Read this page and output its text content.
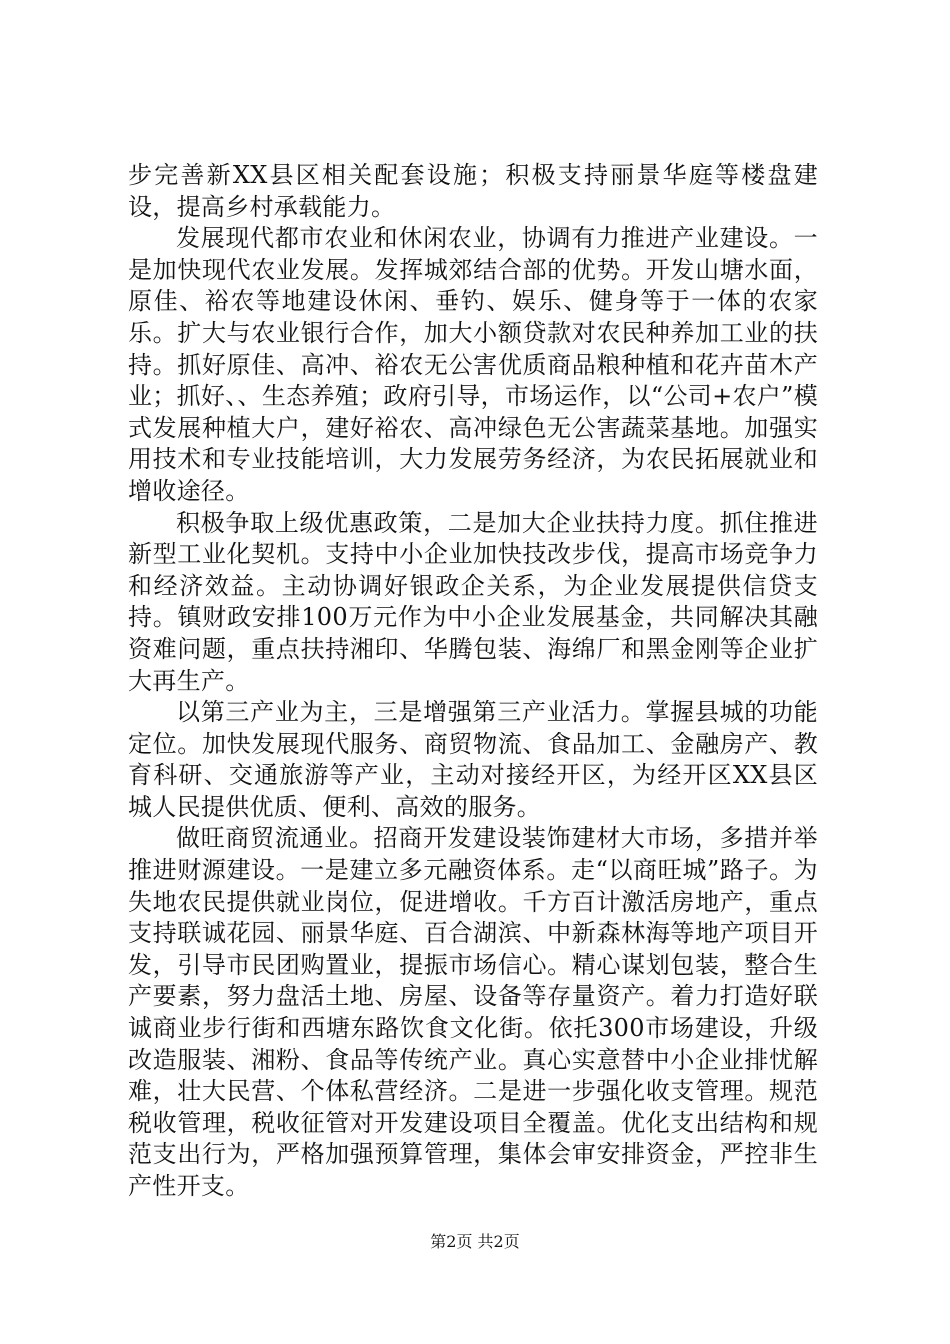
步完善新XX县区相关配套设施；积极支持丽景华庭等楼盘建设，提高乡村承载能力。

发展现代都市农业和休闲农业，协调有力推进产业建设。一是加快现代农业发展。发挥城郊结合部的优势。开发山塘水面，原佳、裕农等地建设休闲、垂钓、娱乐、健身等于一体的农家乐。扩大与农业银行合作，加大小额贷款对农民种养加工业的扶持。抓好原佳、高冲、裕农无公害优质商品粮种植和花卉苗木产业；抓好、、生态养殖；政府引导，市场运作，以“公司+农户”模式发展种植大户，建好裕农、高冲绿色无公害蔬菜基地。加强实用技术和专业技能培训，大力发展劳务经济，为农民拓展就业和增收途径。

积极争取上级优惠政策，二是加大企业扶持力度。抓住推进新型工业化契机。支持中小企业加快技改步伐，提高市场竞争力和经济效益。主动协调好银政企关系，为企业发展提供信贷支持。镇财政安排100万元作为中小企业发展基金，共同解决其融资难问题，重点扶持湘印、华腾包装、海绵厂和黑金刚等企业扩大再生产。

以第三产业为主，三是增强第三产业活力。掌握县城的功能定位。加快发展现代服务、商贸物流、食品加工、金融房产、教育科研、交通旅游等产业，主动对接经开区，为经开区XX县区城人民提供优质、便利、高效的服务。

做旺商贸流通业。招商开发建设装饰建材大市场，多措并举推进财源建设。一是建立多元融资体系。走“以商旺城”路子。为失地农民提供就业岗位，促进增收。千方百计激活房地产，重点支持联诚花园、丽景华庭、百合湖滨、中新森林海等地产项目开发，引导市民团购置业，提振市场信心。精心谋划包装，整合生产要素，努力盘活土地、房屋、设备等存量资产。着力打造好联诚商业步行街和西塘东路饮食文化街。依托300市场建设，升级改造服装、湘粉、食品等传统产业。真心实意替中小企业排忧解难，壮大民营、个体私营经济。二是进一步强化收支管理。规范税收管理，税收征管对开发建设项目全覆盖。优化支出结构和规范支出行为，严格加强预算管理，集体会审安排资金，严控非生产性开支。

第2页 共2页
